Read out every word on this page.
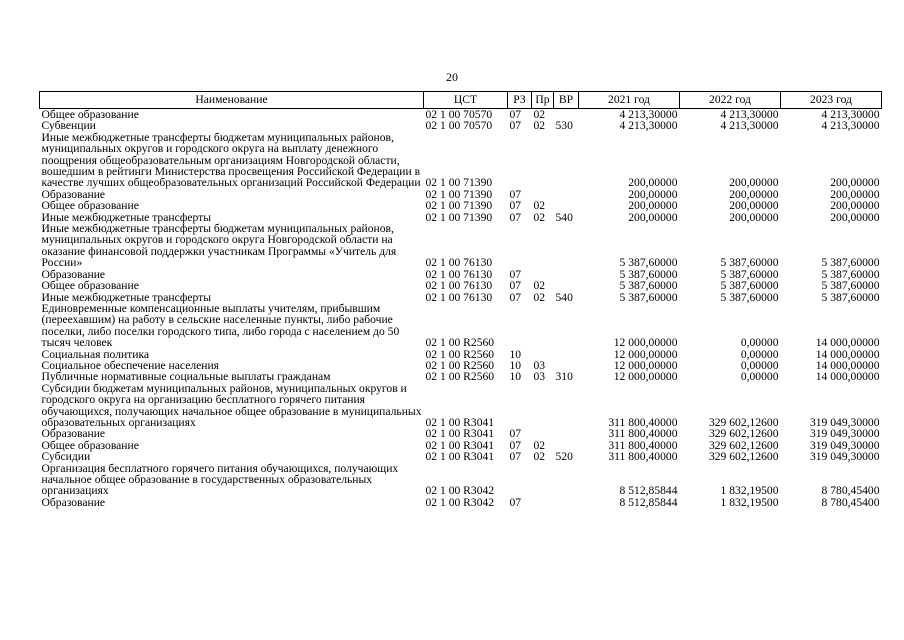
20
Наименование	ЦСТ	РЗ	Пр	ВР	2021 год	2022 год	2023 год
Общее образование	02 1 00 70570	07	02		4 213,30000	4 213,30000	4 213,30000
Субвенции	02 1 00 70570	07	02	530	4 213,30000	4 213,30000	4 213,30000
Иные межбюджетные трансферты бюджетам муниципальных районов, муниципальных округов и городского округа на выплату денежного поощрения общеобразовательным организациям Новгородской области, вошедшим в рейтинги Министерства просвещения Российской Федерации в качестве лучших общеобразовательных организаций Российской Федерации	02 1 00 71390				200,00000	200,00000	200,00000
Образование	02 1 00 71390	07			200,00000	200,00000	200,00000
Общее образование	02 1 00 71390	07	02		200,00000	200,00000	200,00000
Иные межбюджетные трансферты	02 1 00 71390	07	02	540	200,00000	200,00000	200,00000
Иные межбюджетные трансферты бюджетам муниципальных районов, муниципальных округов и городского округа Новгородской области на оказание финансовой поддержки участникам Программы «Учитель для России»	02 1 00 76130				5 387,60000	5 387,60000	5 387,60000
Образование	02 1 00 76130	07			5 387,60000	5 387,60000	5 387,60000
Общее образование	02 1 00 76130	07	02		5 387,60000	5 387,60000	5 387,60000
Иные межбюджетные трансферты	02 1 00 76130	07	02	540	5 387,60000	5 387,60000	5 387,60000
Единовременные компенсационные выплаты учителям, прибывшим (переехавшим) на работу в сельские населенные пункты, либо рабочие поселки, либо поселки городского типа, либо города с населением до 50 тысяч человек	02 1 00 R2560				12 000,00000	0,00000	14 000,00000
Социальная политика	02 1 00 R2560	10			12 000,00000	0,00000	14 000,00000
Социальное обеспечение населения	02 1 00 R2560	10	03		12 000,00000	0,00000	14 000,00000
Публичные нормативные социальные выплаты гражданам	02 1 00 R2560	10	03	310	12 000,00000	0,00000	14 000,00000
Субсидии бюджетам муниципальных районов, муниципальных округов и городского округа на организацию бесплатного горячего питания обучающихся, получающих начальное общее образование в муниципальных образовательных организациях	02 1 00 R3041				311 800,40000	329 602,12600	319 049,30000
Образование	02 1 00 R3041	07			311 800,40000	329 602,12600	319 049,30000
Общее образование	02 1 00 R3041	07	02		311 800,40000	329 602,12600	319 049,30000
Субсидии	02 1 00 R3041	07	02	520	311 800,40000	329 602,12600	319 049,30000
Организация бесплатного горячего питания обучающихся, получающих начальное общее образование в государственных образовательных организациях	02 1 00 R3042				8 512,85844	1 832,19500	8 780,45400
Образование	02 1 00 R3042	07			8 512,85844	1 832,19500	8 780,45400
